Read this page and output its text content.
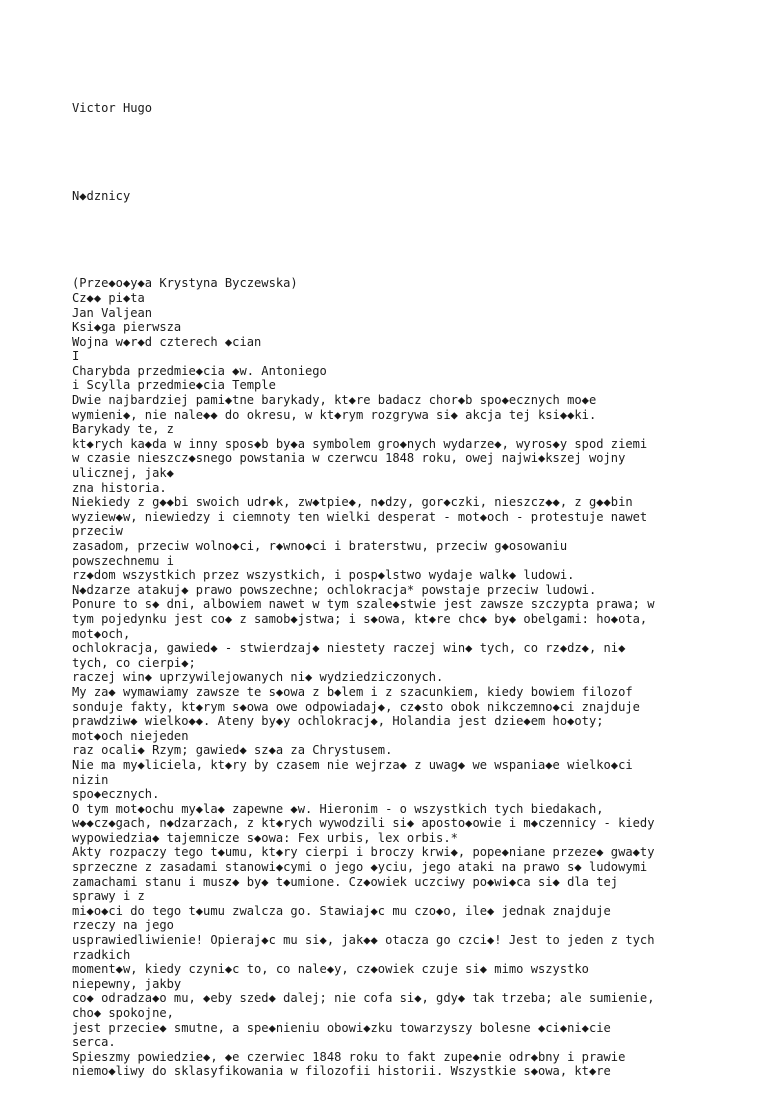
Victor Hugo

N◆dznicy

(Prze◆o◆y◆a Krystyna Byczewska)
Cz◆◆ pi◆ta
Jan Valjean
Ksi◆ga pierwsza
Wojna w◆r◆d czterech ◆cian
I
Charybda przedmie◆cia ◆w. Antoniego
i Scylla przedmie◆cia Temple
Dwie najbardziej pami◆tne barykady, kt◆re badacz chor◆b spo◆ecznych mo◆e
wymieni◆, nie nale◆◆ do okresu, w kt◆rym rozgrywa si◆ akcja tej ksi◆◆ki.
Barykady te, z
kt◆rych ka◆da w inny spos◆b by◆a symbolem gro◆nych wydarze◆, wyros◆y spod ziemi
w czasie nieszcz◆snego powstania w czerwcu 1848 roku, owej najwi◆kszej wojny
ulicznej, jak◆
zna historia.
Niekiedy z g◆◆bi swoich udr◆k, zw◆tpie◆, n◆dzy, gor◆czki, nieszcz◆◆, z g◆◆bin
wyziew◆w, niewiedzy i ciemnoty ten wielki desperat - mot◆och - protestuje nawet
przeciw
zasadom, przeciw wolno◆ci, r◆wno◆ci i braterstwu, przeciw g◆osowaniu
powszechnemu i
rz◆dom wszystkich przez wszystkich, i posp◆lstwo wydaje walk◆ ludowi.
N◆dzarze atakuj◆ prawo powszechne; ochlokracja* powstaje przeciw ludowi.
Ponure to s◆ dni, albowiem nawet w tym szale◆stwie jest zawsze szczypta prawa; w
tym pojedynku jest co◆ z samob◆jstwa; i s◆owa, kt◆re chc◆ by◆ obelgami: ho◆ota,
mot◆och,
ochlokracja, gawied◆ - stwierdzaj◆ niestety raczej win◆ tych, co rz◆dz◆, ni◆
tych, co cierpi◆;
raczej win◆ uprzywilejowanych ni◆ wydziedziczonych.
My za◆ wymawiamy zawsze te s◆owa z b◆lem i z szacunkiem, kiedy bowiem filozof
sonduje fakty, kt◆rym s◆owa owe odpowiadaj◆, cz◆sto obok nikczemno◆ci znajduje
prawdziw◆ wielko◆◆. Ateny by◆y ochlokracj◆, Holandia jest dzie◆em ho◆oty;
mot◆och niejeden
raz ocali◆ Rzym; gawied◆ sz◆a za Chrystusem.
Nie ma my◆liciela, kt◆ry by czasem nie wejrza◆ z uwag◆ we wspania◆e wielko◆ci
nizin
spo◆ecznych.
O tym mot◆ochu my◆la◆ zapewne ◆w. Hieronim - o wszystkich tych biedakach,
w◆◆cz◆gach, n◆dzarzach, z kt◆rych wywodzili si◆ aposto◆owie i m◆czennicy - kiedy
wypowiedzia◆ tajemnicze s◆owa: Fex urbis, lex orbis.*
Akty rozpaczy tego t◆umu, kt◆ry cierpi i broczy krwi◆, pope◆niane przeze◆ gwa◆ty
sprzeczne z zasadami stanowi◆cymi o jego ◆yciu, jego ataki na prawo s◆ ludowymi
zamachami stanu i musz◆ by◆ t◆umione. Cz◆owiek uczciwy po◆wi◆ca si◆ dla tej
sprawy i z
mi◆o◆ci do tego t◆umu zwalcza go. Stawiaj◆c mu czo◆o, ile◆ jednak znajduje
rzeczy na jego
usprawiedliwienie! Opieraj◆c mu si◆, jak◆◆ otacza go czci◆! Jest to jeden z tych
rzadkich
moment◆w, kiedy czyni◆c to, co nale◆y, cz◆owiek czuje si◆ mimo wszystko
niepewny, jakby
co◆ odradza◆o mu, ◆eby szed◆ dalej; nie cofa si◆, gdy◆ tak trzeba; ale sumienie,
cho◆ spokojne,
jest przecie◆ smutne, a spe◆nieniu obowi◆zku towarzyszy bolesne ◆ci◆ni◆cie
serca.
Spieszmy powiedzie◆, ◆e czerwiec 1848 roku to fakt zupe◆nie odr◆bny i prawie
niemo◆liwy do sklasyfikowania w filozofii historii. Wszystkie s◆owa, kt◆re
